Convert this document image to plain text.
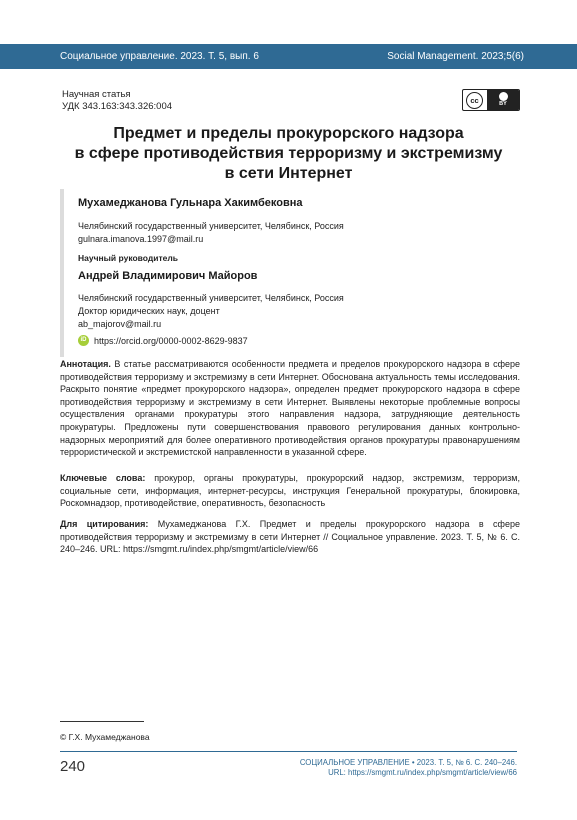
Социальное управление. 2023. Т. 5, вып. 6	Social Management. 2023;5(6)
Научная статья
УДК 343.163:343.326:004
cc	BY
Предмет и пределы прокурорского надзора
в сфере противодействия терроризму и экстремизму
в сети Интернет
Мухамеджанова Гульнара Хакимбековна
Челябинский государственный университет, Челябинск, Россия
gulnara.imanova.1997@mail.ru
Научный руководитель
Андрей Владимирович Майоров
Челябинский государственный университет, Челябинск, Россия
Доктор юридических наук, доцент
ab_majorov@mail.ru
iD https://orcid.org/0000-0002-8629-9837
Аннотация. В статье рассматриваются особенности предмета и пределов прокурорского надзора в сфере противодействия терроризму и экстремизму в сети Интернет. Обоснована актуальность темы исследования. Раскрыто понятие «предмет прокурорского надзора», определен предмет прокурорского надзора в сфере противодействия терроризму и экстремизму в сети Интернет. Выявлены некоторые проблемные вопросы осуществления органами прокуратуры этого направления надзора, затрудняющие деятельность прокуратуры. Предложены пути совершенствования правового регулирования данных контрольно-надзорных мероприятий для более оперативного противодействия органов прокуратуры правонарушениям террористической и экстремистской направленности в указанной сфере.
Ключевые слова: прокурор, органы прокуратуры, прокурорский надзор, экстремизм, терроризм, социальные сети, информация, интернет-ресурсы, инструкция Генеральной прокуратуры, блокировка, Роскомнадзор, противодействие, оперативность, безопасность
Для цитирования: Мухамеджанова Г.Х. Предмет и пределы прокурорского надзора в сфере противодействия терроризму и экстремизму в сети Интернет // Социальное управление. 2023. Т. 5, № 6. С. 240–246. URL: https://smgmt.ru/index.php/smgmt/article/view/66
© Г.Х. Мухамеджанова
240	СОЦИАЛЬНОЕ УПРАВЛЕНИЕ • 2023. Т. 5, № 6. С. 240–246.
URL: https://smgmt.ru/index.php/smgmt/article/view/66
